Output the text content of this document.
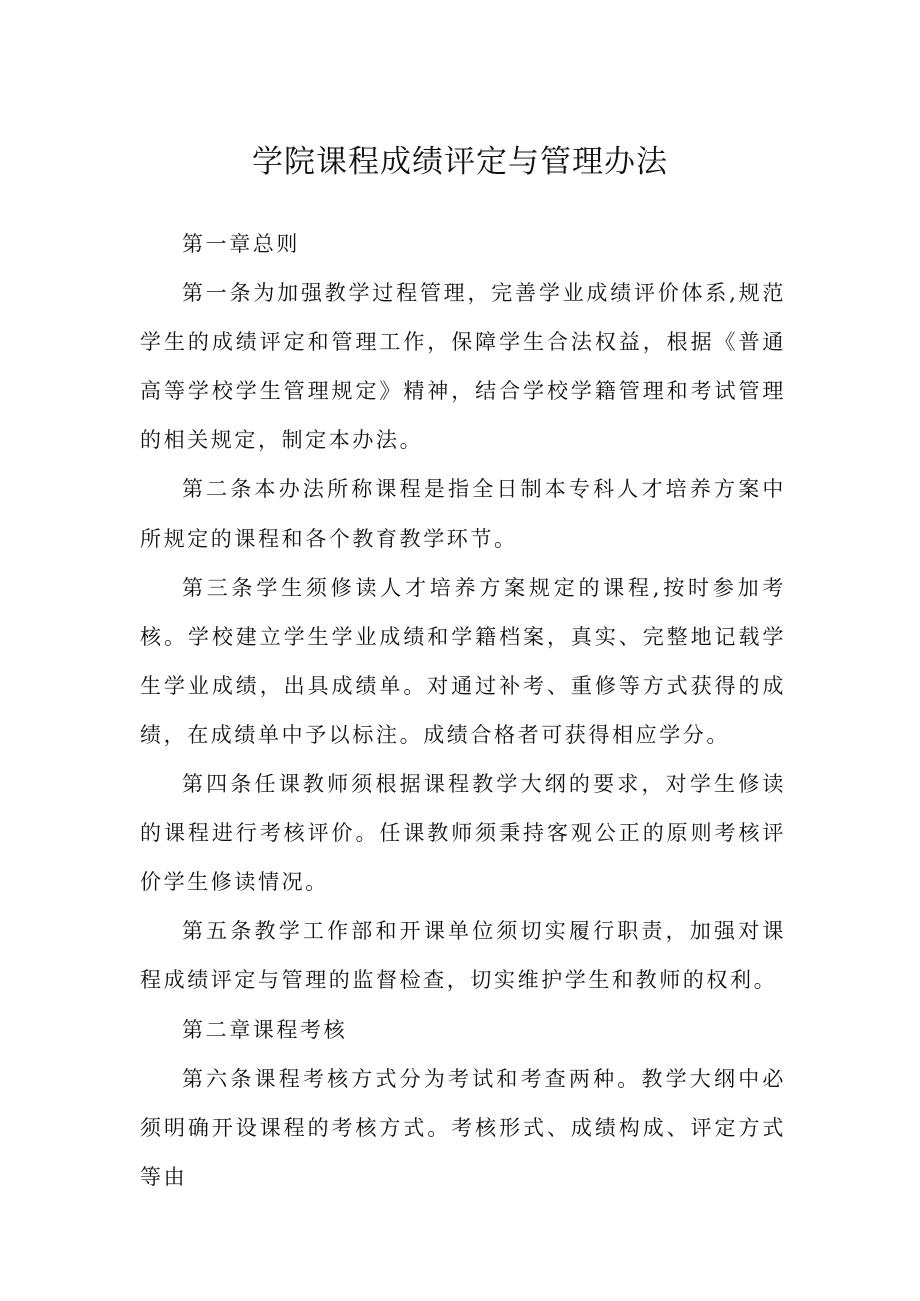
学院课程成绩评定与管理办法

第一章总则

第一条为加强教学过程管理，完善学业成绩评价体系,规范学生的成绩评定和管理工作，保障学生合法权益，根据《普通高等学校学生管理规定》精神，结合学校学籍管理和考试管理的相关规定，制定本办法。

第二条本办法所称课程是指全日制本专科人才培养方案中所规定的课程和各个教育教学环节。

第三条学生须修读人才培养方案规定的课程,按时参加考核。学校建立学生学业成绩和学籍档案，真实、完整地记载学生学业成绩，出具成绩单。对通过补考、重修等方式获得的成绩，在成绩单中予以标注。成绩合格者可获得相应学分。

第四条任课教师须根据课程教学大纲的要求，对学生修读的课程进行考核评价。任课教师须秉持客观公正的原则考核评价学生修读情况。

第五条教学工作部和开课单位须切实履行职责，加强对课程成绩评定与管理的监督检查，切实维护学生和教师的权利。

第二章课程考核

第六条课程考核方式分为考试和考查两种。教学大纲中必须明确开设课程的考核方式。考核形式、成绩构成、评定方式等由
